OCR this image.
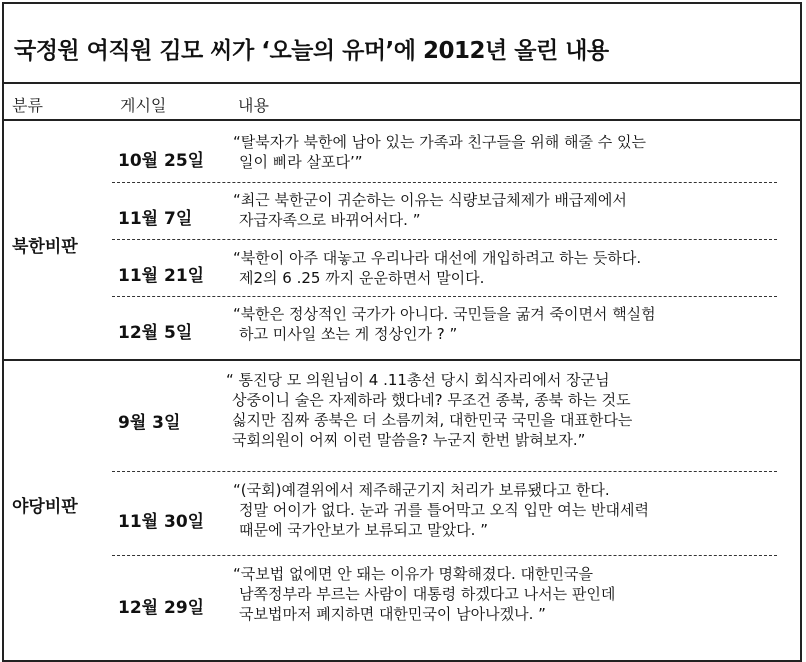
국정원 여직원 김모 씨가 ‘오늘의 유머’에 2012년 올린 내용
분류	게시일	내용
북한비판
10월 25일
“탈북자가 북한에 남아 있는 가족과 친구들을 위해 해줄 수 있는
일이 삐라 살포다’”
11월 7일
“최근 북한군이 귀순하는 이유는 식량보급체제가 배급제에서
자급자족으로 바뀌어서다. ”
11월 21일
“북한이 아주 대놓고 우리나라 대선에 개입하려고 하는 듯하다.
제2의 6 .25 까지 운운하면서 말이다.
12월 5일
“북한은 정상적인 국가가 아니다. 국민들을 굶겨 죽이면서 핵실험
하고 미사일 쏘는 게 정상인가 ? ”
야당비판
9월 3일
“ 통진당 모 의원님이 4 .11총선 당시 회식자리에서 장군님
상중이니 술은 자제하라 했다네? 무조건 종북, 종북 하는 것도
싫지만 짐짜 종북은 더 소름끼쳐, 대한민국 국민을 대표한다는
국회의원이 어찌 이런 말씀을? 누군지 한번 밝혀보자.”
11월 30일
“(국회)예결위에서 제주해군기지 처리가 보류됐다고 한다.
정말 어이가 없다. 눈과 귀를 틀어막고 오직 입만 여는 반대세력
때문에 국가안보가 보류되고 말았다. ”
12월 29일
“국보법 없에면 안 돼는 이유가 명확해졌다. 대한민국을
남쪽정부라 부르는 사람이 대통령 하겠다고 나서는 판인데
국보법마저 폐지하면 대한민국이 남아나겠나. ”
